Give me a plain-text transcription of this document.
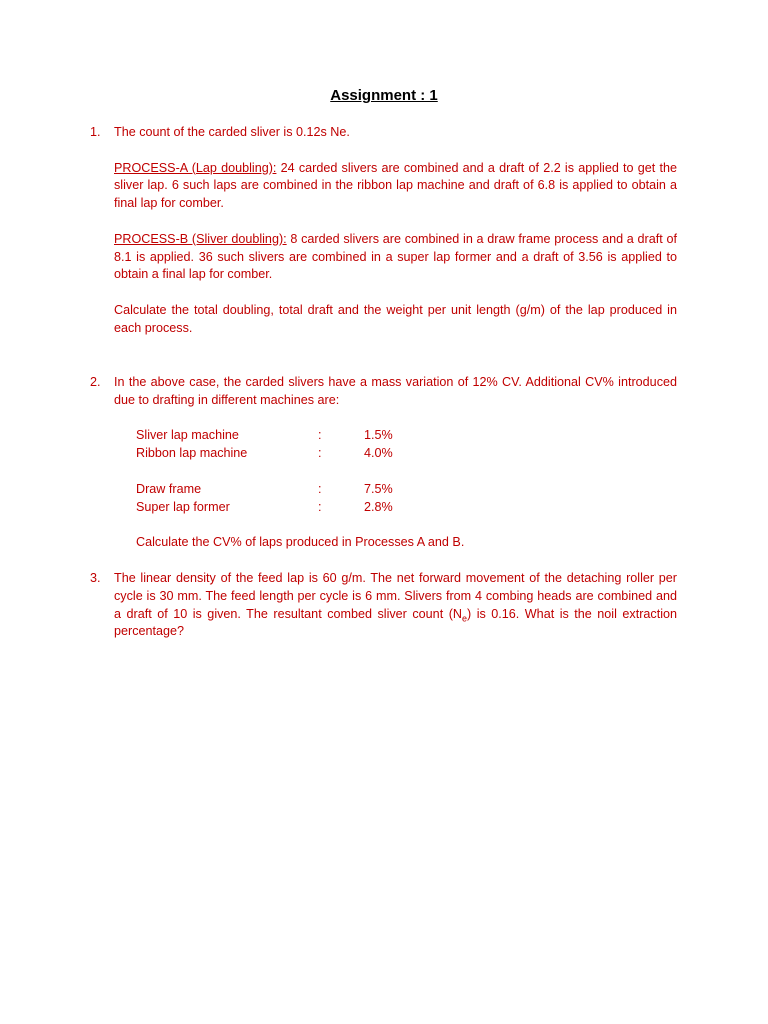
Assignment : 1
1.	The count of the carded sliver is 0.12s Ne.

PROCESS-A (Lap doubling): 24 carded slivers are combined and a draft of 2.2 is applied to get the sliver lap. 6 such laps are combined in the ribbon lap machine and draft of 6.8 is applied to obtain a final lap for comber.

PROCESS-B (Sliver doubling): 8 carded slivers are combined in a draw frame process and a draft of 8.1 is applied. 36 such slivers are combined in a super lap former and a draft of 3.56 is applied to obtain a final lap for comber.

Calculate the total doubling, total draft and the weight per unit length (g/m) of the lap produced in each process.

2.	In the above case, the carded slivers have a mass variation of 12% CV. Additional CV% introduced due to drafting in different machines are:

Sliver lap machine	:	1.5%
Ribbon lap machine	:	4.0%
Draw frame	:	7.5%
Super lap former	:	2.8%

Calculate the CV% of laps produced in Processes A and B.

3.	The linear density of the feed lap is 60 g/m. The net forward movement of the detaching roller per cycle is 30 mm. The feed length per cycle is 6 mm. Slivers from 4 combing heads are combined and a draft of 10 is given. The resultant combed sliver count $(N_e)$ is 0.16. What is the noil extraction percentage?
